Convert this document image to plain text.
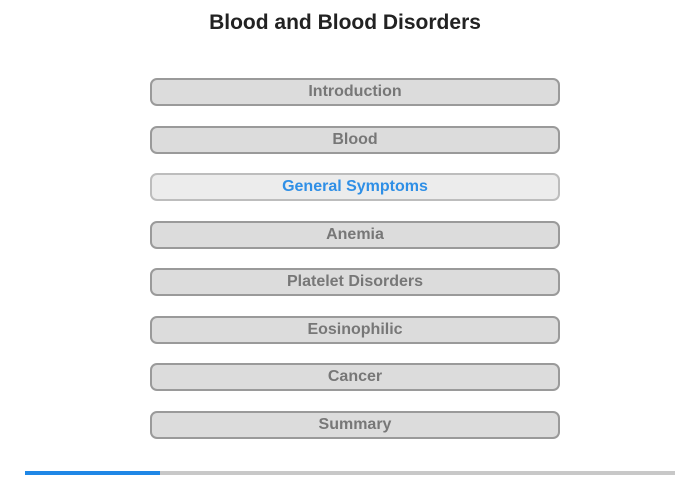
Blood and Blood Disorders
Introduction
Blood
General Symptoms
Anemia
Platelet Disorders
Eosinophilic
Cancer
Summary
